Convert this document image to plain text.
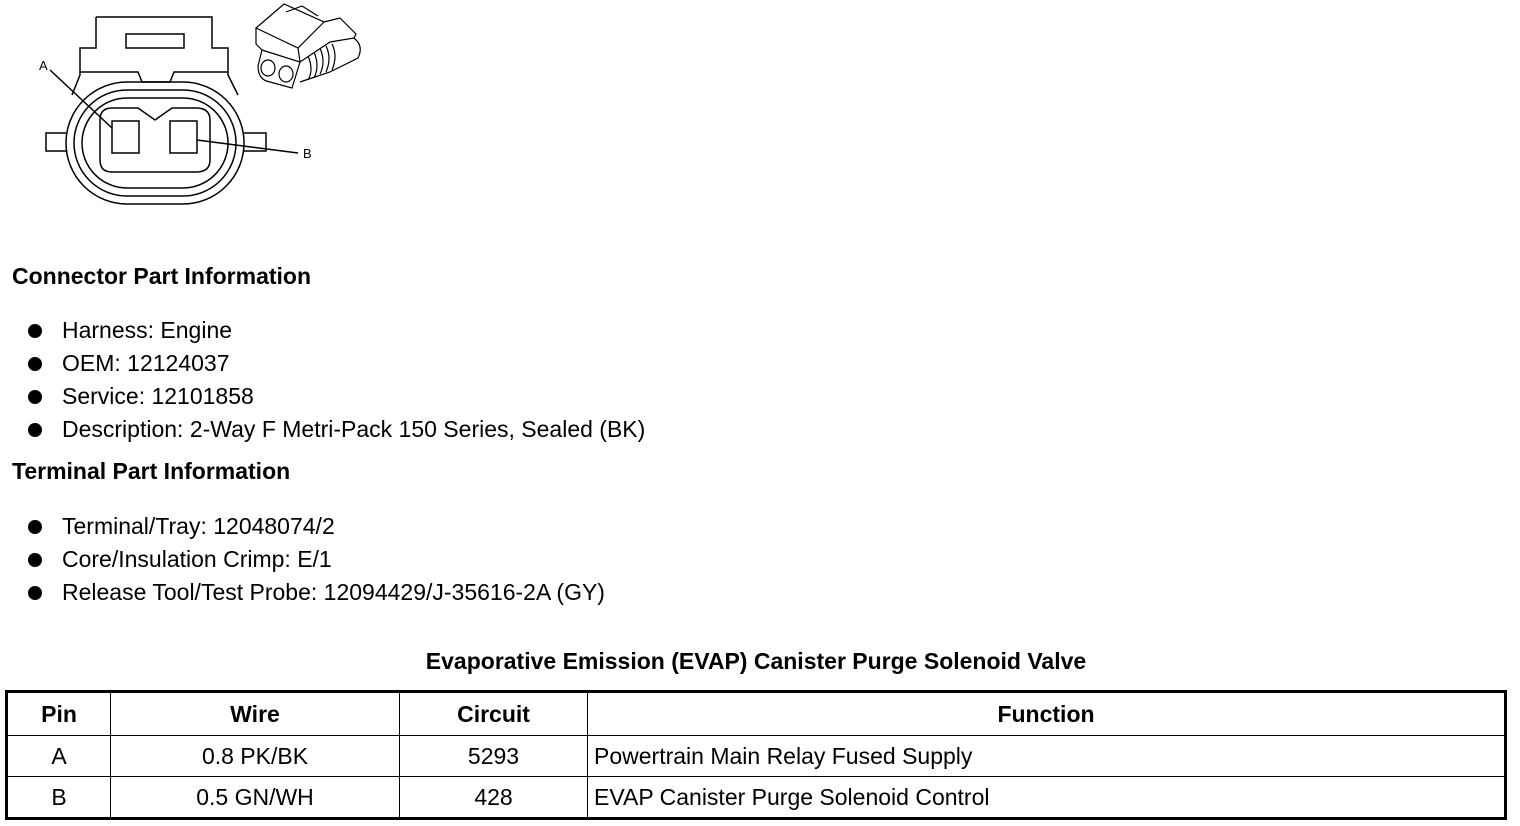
A
B
Connector Part Information
Harness: Engine
OEM: 12124037
Service: 12101858
Description: 2-Way F Metri-Pack 150 Series, Sealed (BK)
Terminal Part Information
Terminal/Tray: 12048074/2
Core/Insulation Crimp: E/1
Release Tool/Test Probe: 12094429/J-35616-2A (GY)
Evaporative Emission (EVAP) Canister Purge Solenoid Valve
Pin	Wire	Circuit	Function
A	0.8 PK/BK	5293	Powertrain Main Relay Fused Supply
B	0.5 GN/WH	428	EVAP Canister Purge Solenoid Control
